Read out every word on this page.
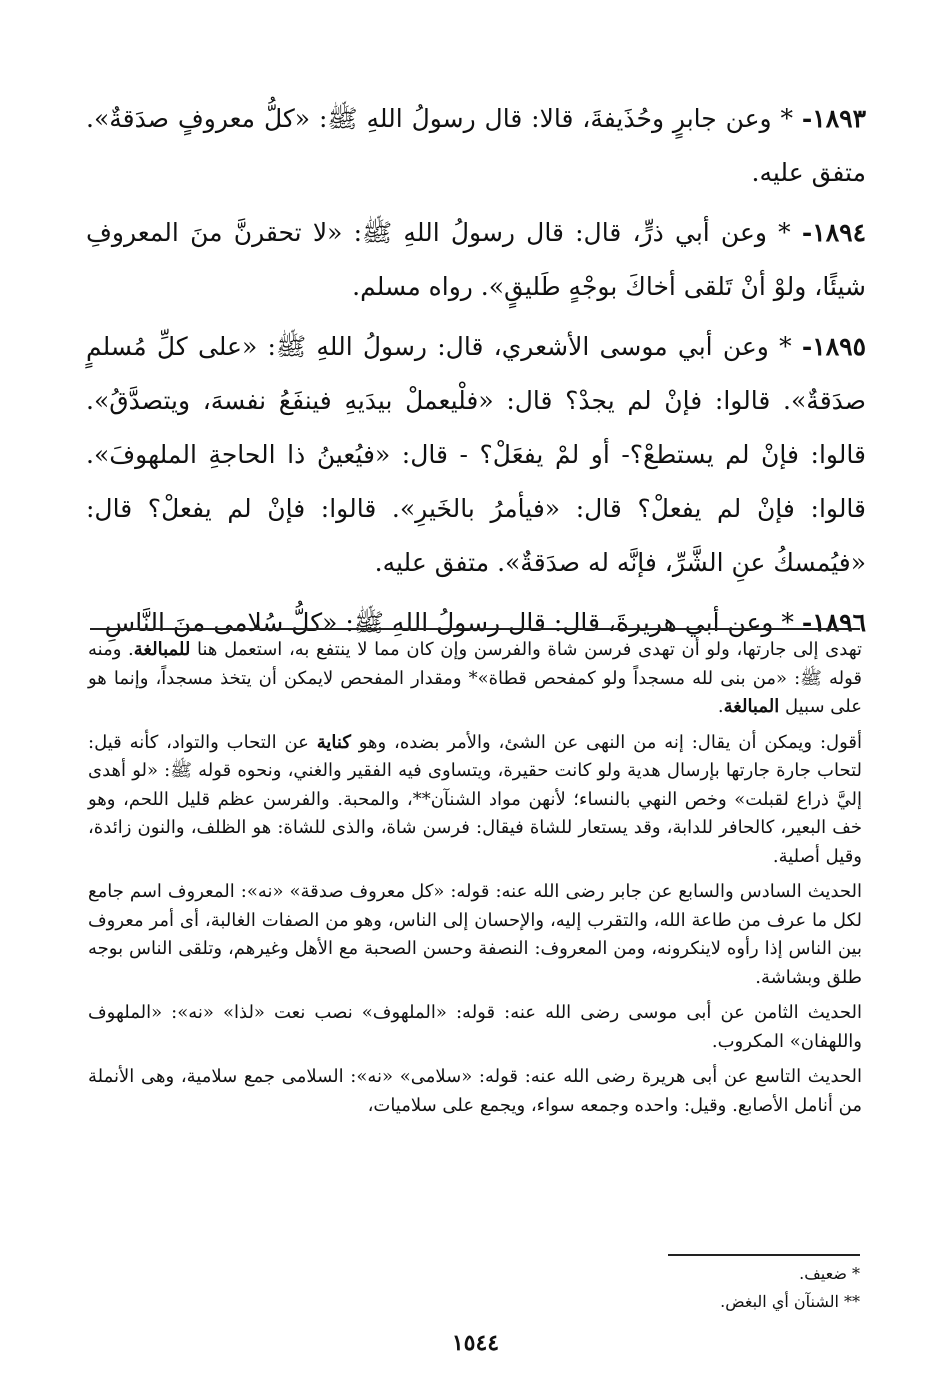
١٨٩٣- * وعن جابرٍ وحُذَيفةَ، قالا: قال رسولُ اللهِ ﷺ: «كلُّ معروفٍ صدَقةٌ». متفق عليه.
١٨٩٤- * وعن أبي ذرٍّ، قال: قال رسولُ اللهِ ﷺ: «لا تحقرنَّ منَ المعروفِ شيئًا، ولوْ أنْ تَلقى أخاكَ بوجْهٍ طَليقٍ». رواه مسلم.
١٨٩٥- * وعن أبي موسى الأشعري، قال: رسولُ اللهِ ﷺ: «على كلِّ مُسلمٍ صدَقةٌ». قالوا: فإنْ لم يجدْ؟ قال: «فلْيعملْ بيدَيهِ فينفَعُ نفسهَ، ويتصدَّقُ». قالوا: فإنْ لم يستطعْ؟- أو لمْ يفعَلْ؟ - قال: «فيُعينُ ذا الحاجةِ الملهوفَ». قالوا: فإنْ لم يفعلْ؟ قال: «فيأمرُ بالخَيرِ». قالوا: فإنْ لم يفعلْ؟ قال: «فيُمسكُ عنِ الشَّرِّ، فإنَّه له صدَقةٌ». متفق عليه.
١٨٩٦- * وعن أبي هريرةَ، قال: قال رسولُ اللهِ ﷺ: «كلُّ سُلامى منَ النَّاسِ

تهدى إلى جارتها، ولو أن تهدى فرسن شاة والفرسن وإن كان مما لا ينتفع به، استعمل هنا للمبالغة. ومنه قوله ﷺ: «من بنى لله مسجداً ولو كمفحص قطاة»* ومقدار المفحص لايمكن أن يتخذ مسجداً، وإنما هو على سبيل المبالغة.

أقول: ويمكن أن يقال: إنه من النهى عن الشئ، والأمر بضده، وهو كناية عن التحاب والتواد، كأنه قيل: لتحاب جارة جارتها بإرسال هدية ولو كانت حقيرة، ويتساوى فيه الفقير والغني، ونحوه قوله ﷺ: «لو أهدى إليَّ ذراع لقبلت» وخص النهي بالنساء؛ لأنهن مواد الشنآن**، والمحبة. والفرسن عظم قليل اللحم، وهو خف البعير، كالحافر للدابة، وقد يستعار للشاة فيقال: فرسن شاة، والذى للشاة: هو الظلف، والنون زائدة، وقيل أصلية.

الحديث السادس والسابع عن جابر رضى الله عنه: قوله: «كل معروف صدقة» «نه»: المعروف اسم جامع لكل ما عرف من طاعة الله، والتقرب إليه، والإحسان إلى الناس، وهو من الصفات الغالبة، أى أمر معروف بين الناس إذا رأوه لاينكرونه، ومن المعروف: النصفة وحسن الصحبة مع الأهل وغيرهم، وتلقى الناس بوجه طلق وبشاشة.

الحديث الثامن عن أبى موسى رضى الله عنه: قوله: «الملهوف» نصب نعت «لذا» «نه»: «الملهوف واللهفان» المكروب.

الحديث التاسع عن أبى هريرة رضى الله عنه: قوله: «سلامى» «نه»: السلامى جمع سلامية، وهى الأنملة من أنامل الأصابع. وقيل: واحده وجمعه سواء، ويجمع على سلاميات،

* ضعيف.
** الشنآن أي البغض.
١٥٤٤
